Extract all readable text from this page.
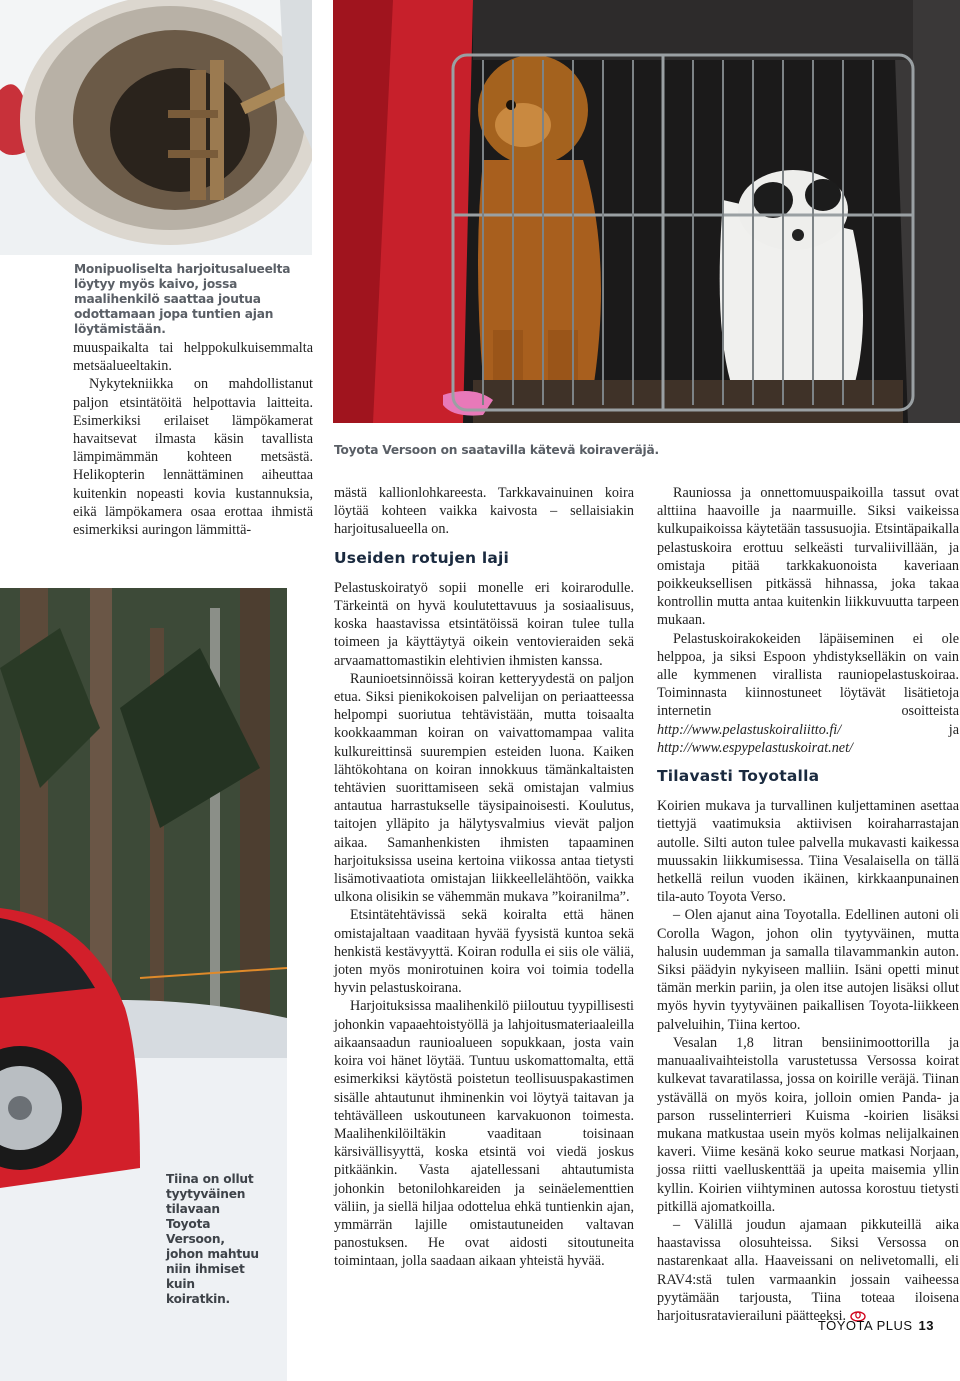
Monipuoliselta harjoitusalueelta löytyy myös kaivo, jossa maalihenkilö saattaa joutua odottamaan jopa tuntien ajan löytämistään.
Toyota Versoon on saatavilla kätevä koiraveräjä.
Tiina on ollut tyytyväinen tilavaan Toyota Versoon, johon mahtuu niin ihmiset kuin koiratkin.

muuspaikalta tai helppokulkuisemmalta metsäalueeltakin.

Nykytekniikka on mahdollistanut paljon etsintätöitä helpottavia laitteita. Esimerkiksi erilaiset lämpökamerat havaitsevat ilmasta käsin tavallista lämpimämmän kohteen metsästä. Helikopterin lennättäminen aiheuttaa kuitenkin nopeasti kovia kustannuksia, eikä lämpökamera osaa erottaa ihmistä esimerkiksi auringon lämmittä-

mästä kallionlohkareesta. Tarkkavainuinen koira löytää kohteen vaikka kaivosta – sellaisiakin harjoitusalueella on.

Useiden rotujen laji

Pelastuskoiratyö sopii monelle eri koirarodulle. Tärkeintä on hyvä koulutettavuus ja sosiaalisuus, koska haastavissa etsintätöissä koiran tulee tulla toimeen ja käyttäytyä oikein ventovieraiden sekä arvaamattomastikin elehtivien ihmisten kanssa.

Raunioetsinnöissä koiran ketteryydestä on paljon etua. Siksi pienikokoisen palvelijan on periaatteessa helpompi suoriutua tehtävistään, mutta toisaalta kookkaamman koiran on vaivattomampaa valita kulkureittinsä suurempien esteiden luona. Kaiken lähtökohtana on koiran innokkuus tämänkaltaisten tehtävien suorittamiseen sekä omistajan valmius antautua harrastukselle täysipainoisesti. Koulutus, taitojen ylläpito ja hälytysvalmius vievät paljon aikaa. Samanhenkisten ihmisten tapaaminen harjoituksissa useina kertoina viikossa antaa tietysti lisämotivaatiota omistajan liikkeellelähtöön, vaikka ulkona olisikin se vähemmän mukava ”koiranilma”.

Etsintätehtävissä sekä koiralta että hänen omistajaltaan vaaditaan hyvää fyysistä kuntoa sekä henkistä kestävyyttä. Koiran rodulla ei siis ole väliä, joten myös monirotuinen koira voi toimia todella hyvin pelastuskoirana.

Harjoituksissa maalihenkilö piiloutuu tyypillisesti johonkin vapaaehtoistyöllä ja lahjoitusmateriaaleilla aikaansaadun raunioalueen sopukkaan, josta vain koira voi hänet löytää. Tuntuu uskomattomalta, että esimerkiksi käytöstä poistetun teollisuuspakastimen sisälle ahtautunut ihminenkin voi löytyä taitavan ja tehtävälleen uskoutuneen karvakuonon toimesta. Maalihenkilöiltäkin vaaditaan toisinaan kärsivällisyyttä, koska etsintä voi viedä joskus pitkäänkin. Vasta ajatellessani ahtautumista johonkin betonilohkareiden ja seinäelementtien väliin, ja siellä hiljaa odottelua ehkä tuntienkin ajan, ymmärrän lajille omistautuneiden valtavan panostuksen. He ovat aidosti sitoutuneita toimintaan, jolla saadaan aikaan yhteistä hyvää.

Rauniossa ja onnettomuuspaikoilla tassut ovat alttiina haavoille ja naarmuille. Siksi vaikeissa kulkupaikoissa käytetään tassusuojia. Etsintäpaikalla pelastuskoira erottuu selkeästi turvaliivillään, ja omistaja pitää tarkkakuonoista kaveriaan poikkeuksellisen pitkässä hihnassa, joka takaa kontrollin mutta antaa kuitenkin liikkuvuutta tarpeen mukaan.

Pelastuskoirakokeiden läpäiseminen ei ole helppoa, ja siksi Espoon yhdistykselläkin on vain alle kymmenen virallista rauniopelastuskoiraa. Toiminnasta kiinnostuneet löytävät lisätietoja internetin osoitteista http://www.pelastuskoiraliitto.fi/ ja http://www.espypelastuskoirat.net/

Tilavasti Toyotalla

Koirien mukava ja turvallinen kuljettaminen asettaa tiettyjä vaatimuksia aktiivisen koiraharrastajan autolle. Silti auton tulee palvella mukavasti kaikessa muussakin liikkumisessa. Tiina Vesalaisella on tällä hetkellä reilun vuoden ikäinen, kirkkaanpunainen tila-auto Toyota Verso.

– Olen ajanut aina Toyotalla. Edellinen autoni oli Corolla Wagon, johon olin tyytyväinen, mutta halusin uudemman ja samalla tilavammankin auton. Siksi päädyin nykyiseen malliin. Isäni opetti minut tämän merkin pariin, ja olen itse autojen lisäksi ollut myös hyvin tyytyväinen paikallisen Toyota-liikkeen palveluihin, Tiina kertoo.

Vesalan 1,8 litran bensiinimoottorilla ja manuaalivaihteistolla varustetussa Versossa koirat kulkevat tavaratilassa, jossa on koirille veräjä. Tiinan ystävällä on myös koira, jolloin omien Panda- ja parson russelinterrieri Kuisma -koirien lisäksi mukana matkustaa usein myös kolmas nelijalkainen kaveri. Viime kesänä koko seurue matkasi Norjaan, jossa riitti vaelluskenttää ja upeita maisemia yllin kyllin. Koirien viihtyminen autossa korostuu tietysti pitkillä ajomatkoilla.

– Välillä joudun ajamaan pikkuteillä aika haastavissa olosuhteissa. Siksi Versossa on nastarenkaat alla. Haaveissani on nelivetomalli, eli RAV4:stä tulen varmaankin jossain vaiheessa pyytämään tarjousta, Tiina toteaa iloisena harjoitusratavierailuni päätteeksi.

TOYOTA PLUS 13
